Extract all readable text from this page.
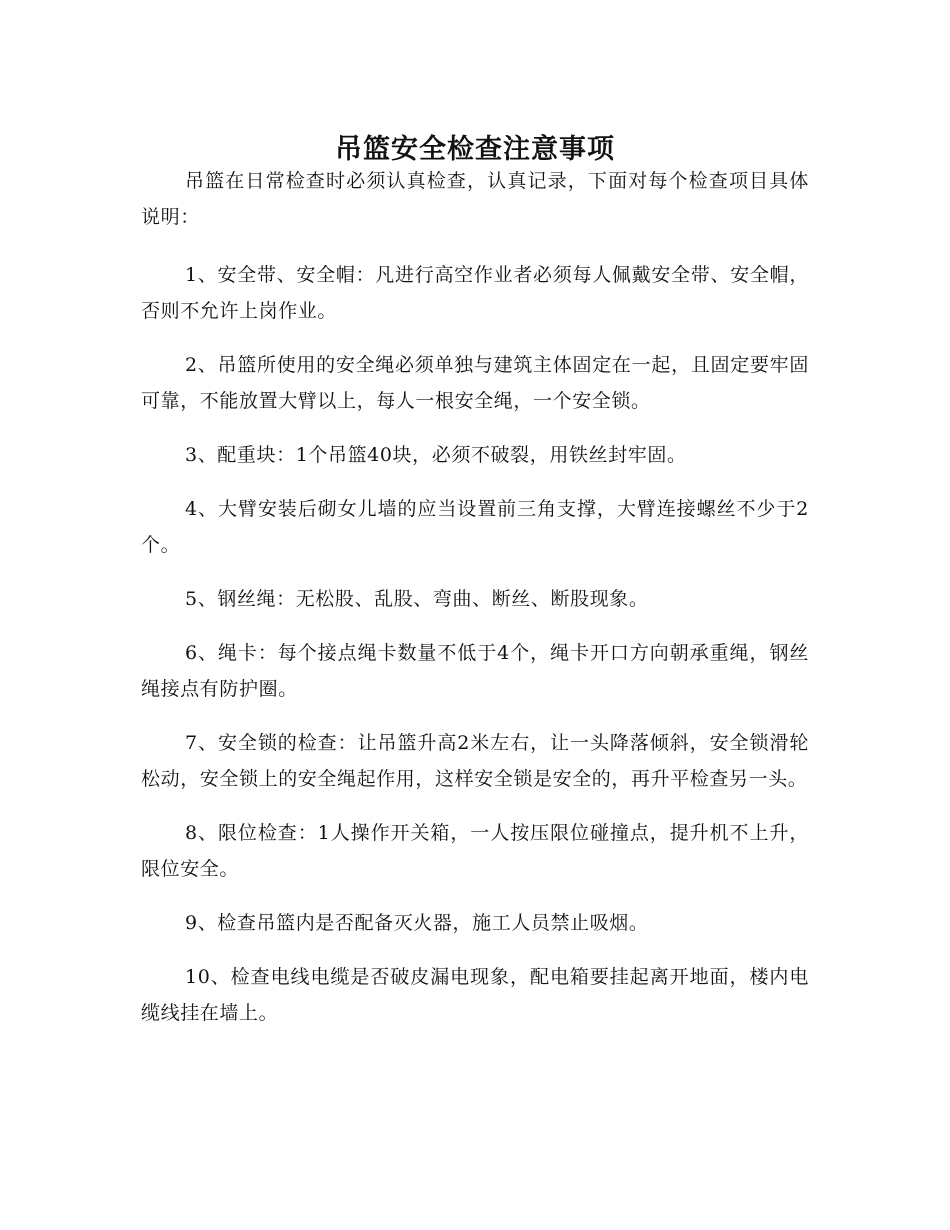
吊篮安全检查注意事项

吊篮在日常检查时必须认真检查，认真记录，下面对每个检查项目具体说明：

1、安全带、安全帽：凡进行高空作业者必须每人佩戴安全带、安全帽，否则不允许上岗作业。

2、吊篮所使用的安全绳必须单独与建筑主体固定在一起，且固定要牢固可靠，不能放置大臂以上，每人一根安全绳，一个安全锁。

3、配重块：1个吊篮40块，必须不破裂，用铁丝封牢固。

4、大臂安装后砌女儿墙的应当设置前三角支撑，大臂连接螺丝不少于2个。

5、钢丝绳：无松股、乱股、弯曲、断丝、断股现象。

6、绳卡：每个接点绳卡数量不低于4个，绳卡开口方向朝承重绳，钢丝绳接点有防护圈。

7、安全锁的检查：让吊篮升高2米左右，让一头降落倾斜，安全锁滑轮松动，安全锁上的安全绳起作用，这样安全锁是安全的，再升平检查另一头。

8、限位检查：1人操作开关箱，一人按压限位碰撞点，提升机不上升，限位安全。

9、检查吊篮内是否配备灭火器，施工人员禁止吸烟。

10、检查电线电缆是否破皮漏电现象，配电箱要挂起离开地面，楼内电缆线挂在墙上。
